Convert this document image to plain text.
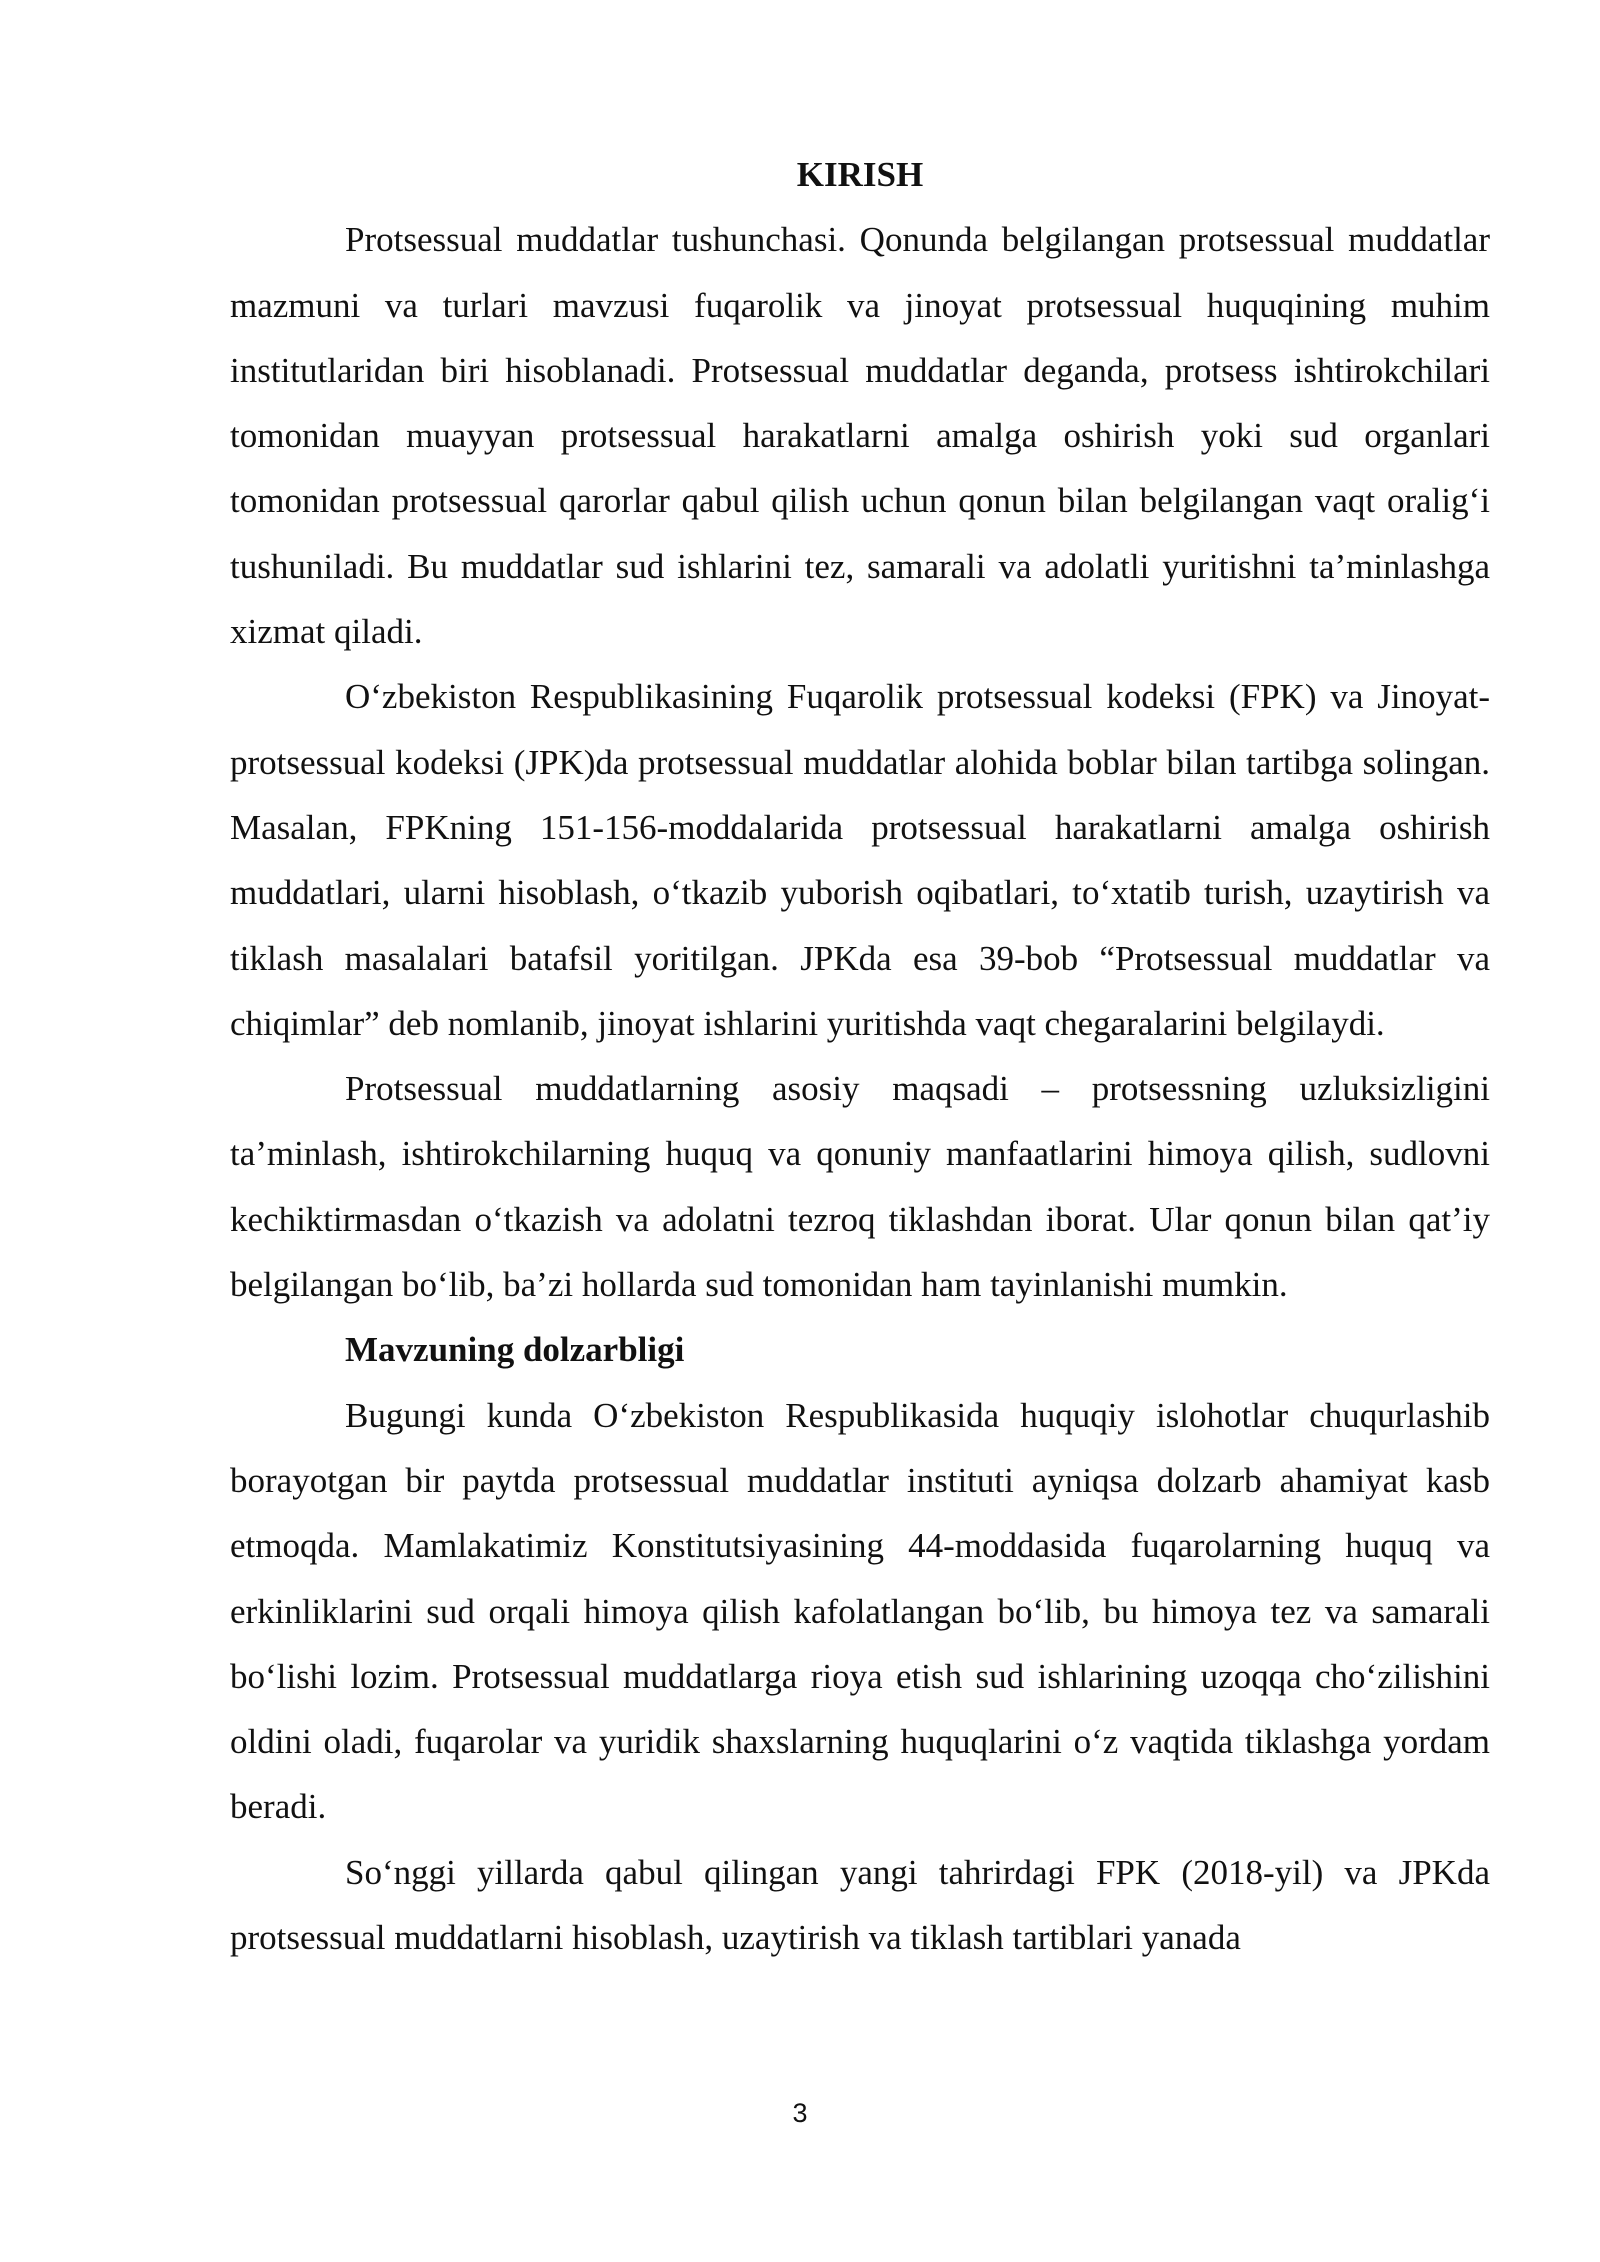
KIRISH

Protsessual muddatlar tushunchasi. Qonunda belgilangan protsessual muddatlar mazmuni va turlari mavzusi fuqarolik va jinoyat protsessual huquqining muhim institutlaridan biri hisoblanadi. Protsessual muddatlar deganda, protsess ishtirokchilari tomonidan muayyan protsessual harakatlarni amalga oshirish yoki sud organlari tomonidan protsessual qarorlar qabul qilish uchun qonun bilan belgilangan vaqt oralig‘i tushuniladi. Bu muddatlar sud ishlarini tez, samarali va adolatli yuritishni ta’minlashga xizmat qiladi.

O‘zbekiston Respublikasining Fuqarolik protsessual kodeksi (FPK) va Jinoyat-protsessual kodeksi (JPK)da protsessual muddatlar alohida boblar bilan tartibga solingan. Masalan, FPKning 151-156-moddalarida protsessual harakatlarni amalga oshirish muddatlari, ularni hisoblash, o‘tkazib yuborish oqibatlari, to‘xtatib turish, uzaytirish va tiklash masalalari batafsil yoritilgan. JPKda esa 39-bob “Protsessual muddatlar va chiqimlar” deb nomlanib, jinoyat ishlarini yuritishda vaqt chegaralarini belgilaydi.

Protsessual muddatlarning asosiy maqsadi – protsessning uzluksizligini ta’minlash, ishtirokchilarning huquq va qonuniy manfaatlarini himoya qilish, sudlovni kechiktirmasdan o‘tkazish va adolatni tezroq tiklashdan iborat. Ular qonun bilan qat’iy belgilangan bo‘lib, ba’zi hollarda sud tomonidan ham tayinlanishi mumkin.

Mavzuning dolzarbligi

Bugungi kunda O‘zbekiston Respublikasida huquqiy islohotlar chuqurlashib borayotgan bir paytda protsessual muddatlar instituti ayniqsa dolzarb ahamiyat kasb etmoqda. Mamlakatimiz Konstitutsiyasining 44-moddasida fuqarolarning huquq va erkinliklarini sud orqali himoya qilish kafolatlangan bo‘lib, bu himoya tez va samarali bo‘lishi lozim. Protsessual muddatlarga rioya etish sud ishlarining uzoqqa cho‘zilishini oldini oladi, fuqarolar va yuridik shaxslarning huquqlarini o‘z vaqtida tiklashga yordam beradi.

So‘nggi yillarda qabul qilingan yangi tahrirdagi FPK (2018-yil) va JPKda protsessual muddatlarni hisoblash, uzaytirish va tiklash tartiblari yanada

3
